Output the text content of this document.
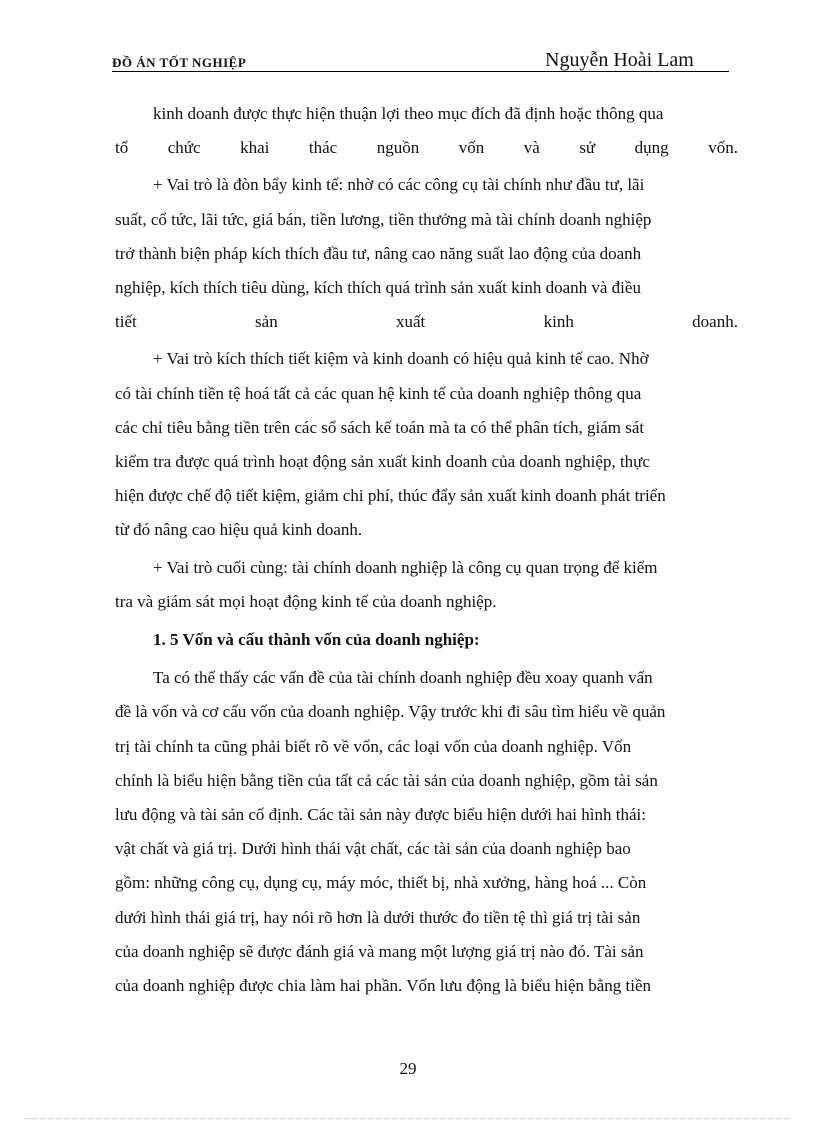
ĐỒ ÁN TỐT NGHIỆP	Nguyễn Hoài Lam

kinh doanh được thực hiện thuận lợi theo mục đích đã định hoặc thông qua

tổ chức khai thác nguồn vốn và sử dụng vốn.

+ Vai trò là đòn bẩy kinh tế: nhờ có các công cụ tài chính như đầu tư, lãi

suất, cổ tức, lãi tức, giá bán, tiền lương, tiền thưởng mà tài chính doanh nghiệp

trở thành biện pháp kích thích đầu tư, nâng cao năng suất lao động của doanh

nghiệp, kích thích tiêu dùng, kích thích quá trình sản xuất kinh doanh và điều

tiết	sản	xuất	kinh	doanh.

+ Vai trò kích thích tiết kiệm và kinh doanh có hiệu quả kinh tế cao. Nhờ

có tài chính tiền tệ hoá tất cả các quan hệ kinh tế của doanh nghiệp thông qua

các chỉ tiêu bằng tiền trên các sổ sách kế toán mà ta có thể phân tích, giám sát

kiểm tra được quá trình hoạt động sản xuất kinh doanh của doanh nghiệp, thực

hiện được chế độ tiết kiệm, giảm chi phí, thúc đẩy sản xuất kinh doanh phát triển

từ đó nâng cao hiệu quả kinh doanh.

+ Vai trò cuối cùng: tài chính doanh nghiệp là công cụ quan trọng để kiểm

tra và giám sát mọi hoạt động kinh tế của doanh nghiệp.

1. 5 Vốn và cấu thành vốn của doanh nghiệp:

Ta có thể thấy các vấn đề của tài chính doanh nghiệp đều xoay quanh vấn

đề là vốn và cơ cấu vốn của doanh nghiệp. Vậy trước khi đi sâu tìm hiểu về quản

trị tài chính ta cũng phải biết rõ về vốn, các loại vốn của doanh nghiệp. Vốn

chính là biểu hiện bằng tiền của tất cả các tài sản của doanh nghiệp, gồm tài sản

lưu động và tài sản cố định. Các tài sản này được biểu hiện dưới hai hình thái:

vật chất và giá trị. Dưới hình thái vật chất, các tài sản của doanh nghiệp bao

gồm: những công cụ, dụng cụ, máy móc, thiết bị, nhà xưởng, hàng hoá ... Còn

dưới hình thái giá trị, hay nói rõ hơn là dưới thước đo tiền tệ thì giá trị tài sản

của doanh nghiệp sẽ được đánh giá và mang một lượng giá trị nào đó. Tài sản

của doanh nghiệp được chia làm hai phần. Vốn lưu động là biểu hiện bằng tiền

29
